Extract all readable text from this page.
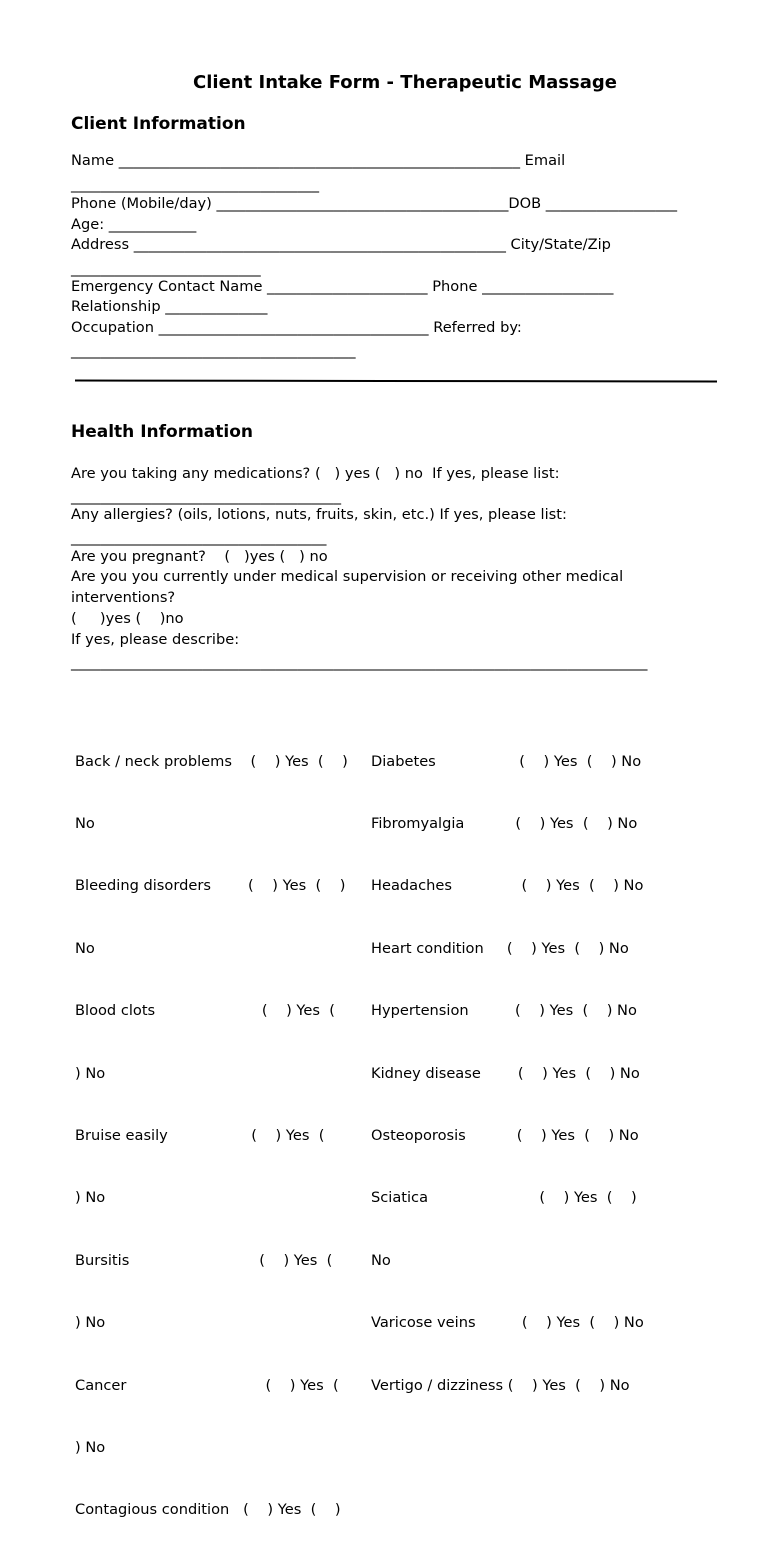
Client Intake Form - Therapeutic Massage
Client Information
Name _______________________________________________________ Email
__________________________________
Phone (Mobile/day) ________________________________________DOB __________________
Age: ____________
Address ___________________________________________________ City/State/Zip
__________________________
Emergency Contact Name ______________________ Phone __________________
Relationship ______________
Occupation _____________________________________ Referred by:
_______________________________________
Health Information
Are you taking any medications? (   ) yes (   ) no  If yes, please list:
_____________________________________
Any allergies? (oils, lotions, nuts, fruits, skin, etc.) If yes, please list:
___________________________________
Are you pregnant?    (   )yes (   ) no
Are you you currently under medical supervision or receiving other medical
interventions?
(     )yes (    )no
If yes, please describe:
_______________________________________________________________________________

Back / neck problems    (    ) Yes  (    )

No

Bleeding disorders        (    ) Yes  (    )

No

Blood clots                       (    ) Yes  (

) No

Bruise easily                  (    ) Yes  (

) No

Bursitis                            (    ) Yes  (

) No

Cancer                              (    ) Yes  (

) No

Contagious condition   (    ) Yes  (    )

Diabetes                  (    ) Yes  (    ) No

Fibromyalgia           (    ) Yes  (    ) No

Headaches               (    ) Yes  (    ) No

Heart condition     (    ) Yes  (    ) No

Hypertension          (    ) Yes  (    ) No

Kidney disease        (    ) Yes  (    ) No

Osteoporosis           (    ) Yes  (    ) No

Sciatica                        (    ) Yes  (    )

No

Varicose veins          (    ) Yes  (    ) No

Vertigo / dizziness (    ) Yes  (    ) No
